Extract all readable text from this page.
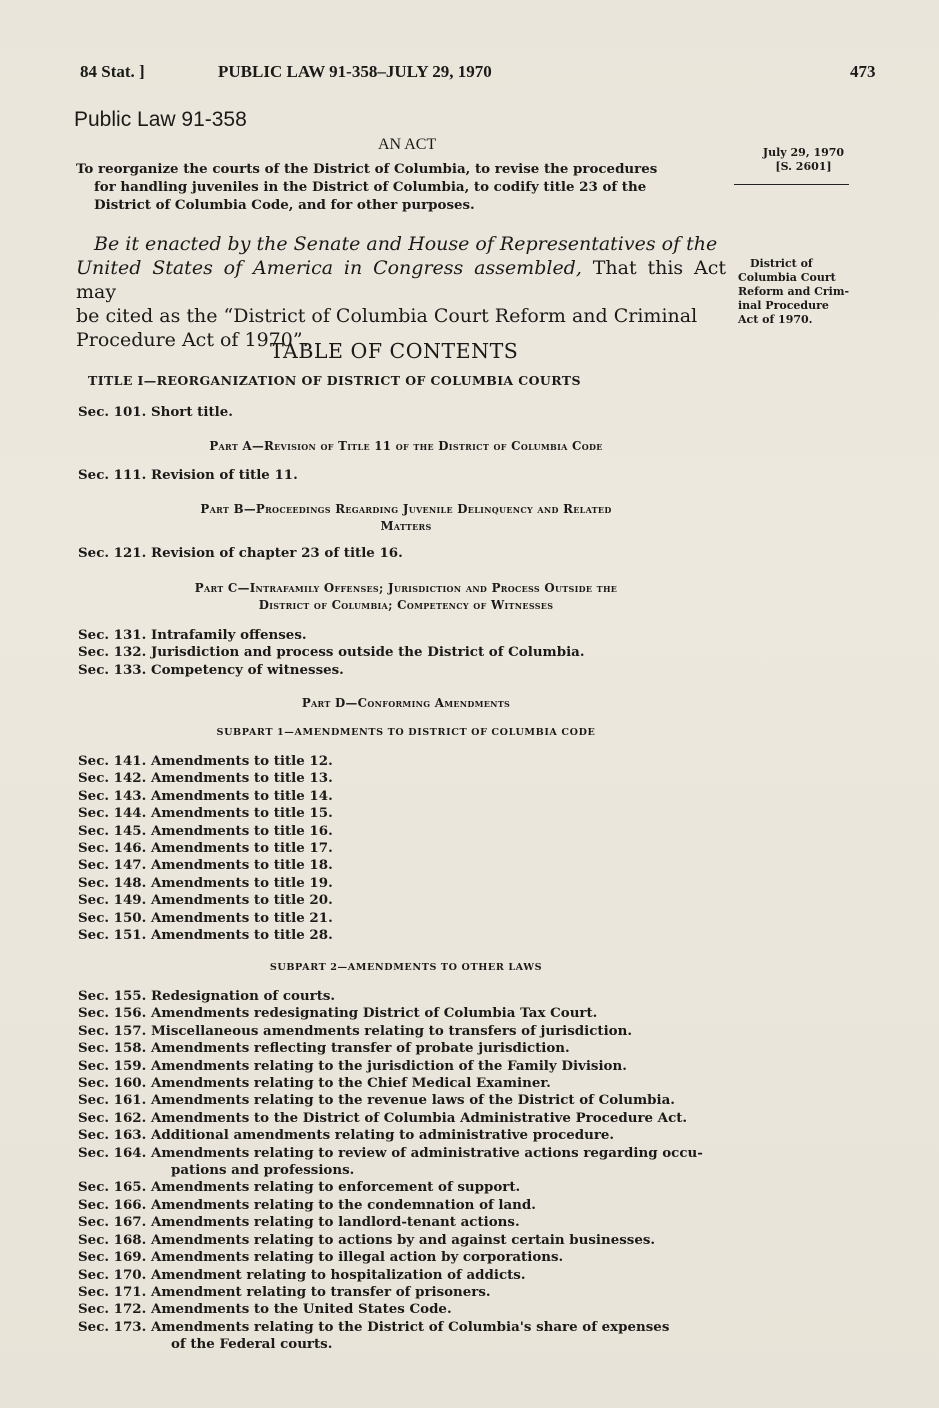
84 Stat. ]	PUBLIC LAW 91-358–JULY 29, 1970	473
Public Law 91-358
AN ACT
To reorganize the courts of the District of Columbia, to revise the procedures
for handling juveniles in the District of Columbia, to codify title 23 of the
District of Columbia Code, and for other purposes.
July 29, 1970
[S. 2601]
District of
Columbia Court
Reform and Crim-
inal Procedure
Act of 1970.
Be it enacted by the Senate and House of Representatives of the
United States of America in Congress assembled, That this Act may
be cited as the “District of Columbia Court Reform and Criminal
Procedure Act of 1970”.
TABLE OF CONTENTS
TITLE I—REORGANIZATION OF DISTRICT OF COLUMBIA COURTS
Sec. 101. Short title.
Part A—Revision of Title 11 of the District of Columbia Code
Sec. 111. Revision of title 11.
Part B—Proceedings Regarding Juvenile Delinquency and Related
Matters
Sec. 121. Revision of chapter 23 of title 16.
Part C—Intrafamily Offenses; Jurisdiction and Process Outside the
District of Columbia; Competency of Witnesses
Sec. 131. Intrafamily offenses.
Sec. 132. Jurisdiction and process outside the District of Columbia.
Sec. 133. Competency of witnesses.
Part D—Conforming Amendments
SUBPART 1—AMENDMENTS TO DISTRICT OF COLUMBIA CODE
Sec. 141. Amendments to title 12.
Sec. 142. Amendments to title 13.
Sec. 143. Amendments to title 14.
Sec. 144. Amendments to title 15.
Sec. 145. Amendments to title 16.
Sec. 146. Amendments to title 17.
Sec. 147. Amendments to title 18.
Sec. 148. Amendments to title 19.
Sec. 149. Amendments to title 20.
Sec. 150. Amendments to title 21.
Sec. 151. Amendments to title 28.
SUBPART 2—AMENDMENTS TO OTHER LAWS
Sec. 155. Redesignation of courts.
Sec. 156. Amendments redesignating District of Columbia Tax Court.
Sec. 157. Miscellaneous amendments relating to transfers of jurisdiction.
Sec. 158. Amendments reflecting transfer of probate jurisdiction.
Sec. 159. Amendments relating to the jurisdiction of the Family Division.
Sec. 160. Amendments relating to the Chief Medical Examiner.
Sec. 161. Amendments relating to the revenue laws of the District of Columbia.
Sec. 162. Amendments to the District of Columbia Administrative Procedure Act.
Sec. 163. Additional amendments relating to administrative procedure.
Sec. 164. Amendments relating to review of administrative actions regarding occu-
pations and professions.
Sec. 165. Amendments relating to enforcement of support.
Sec. 166. Amendments relating to the condemnation of land.
Sec. 167. Amendments relating to landlord-tenant actions.
Sec. 168. Amendments relating to actions by and against certain businesses.
Sec. 169. Amendments relating to illegal action by corporations.
Sec. 170. Amendment relating to hospitalization of addicts.
Sec. 171. Amendment relating to transfer of prisoners.
Sec. 172. Amendments to the United States Code.
Sec. 173. Amendments relating to the District of Columbia's share of expenses
of the Federal courts.
